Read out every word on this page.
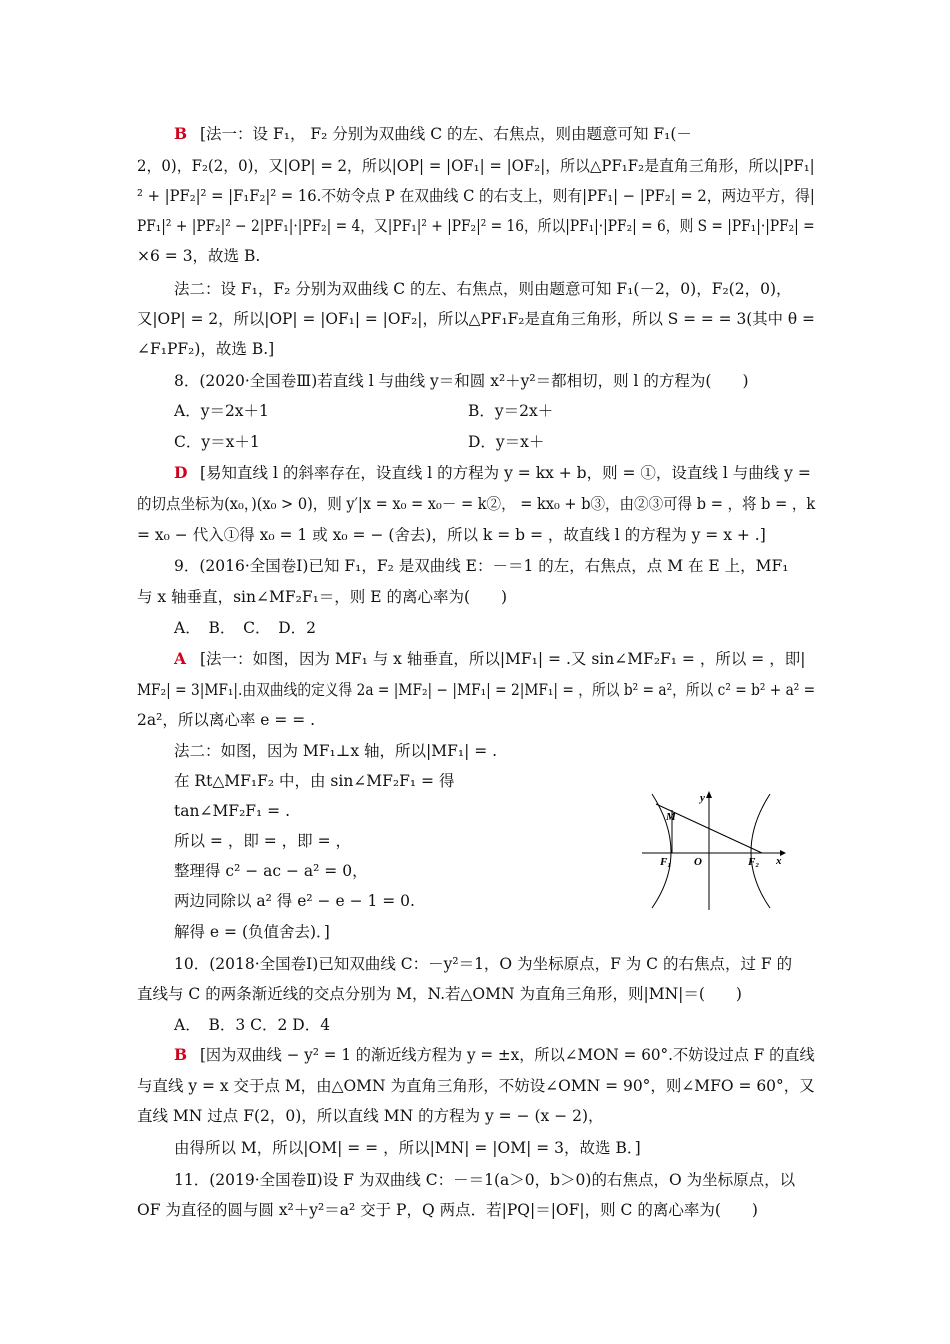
B [法一：设 F₁， F₂ 分别为双曲线 C 的左、右焦点，则由题意可知 F₁(－
2，0)，F₂(2，0)，又|OP| = 2，所以|OP| = |OF₁| = |OF₂|，所以△PF₁F₂是直角三角形，所以|PF₁|
² + |PF₂|² = |F₁F₂|² = 16.不妨令点 P 在双曲线 C 的右支上，则有|PF₁| − |PF₂| = 2，两边平方，得|
PF₁|² + |PF₂|² − 2|PF₁|·|PF₂| = 4，又|PF₁|² + |PF₂|² = 16，所以|PF₁|·|PF₂| = 6，则 S = |PF₁|·|PF₂| =
×6 = 3，故选 B.
法二：设 F₁，F₂ 分别为双曲线 C 的左、右焦点，则由题意可知 F₁(－2，0)，F₂(2，0)，
又|OP| = 2，所以|OP| = |OF₁| = |OF₂|，所以△PF₁F₂是直角三角形，所以 S = = = 3(其中 θ =
∠F₁PF₂)，故选 B.]
8．(2020·全国卷Ⅲ)若直线 l 与曲线 y＝和圆 x²＋y²＝都相切，则 l 的方程为(　　)
A．y＝2x＋1	B．y＝2x＋
C．y＝x＋1	D．y＝x＋
D [易知直线 l 的斜率存在，设直线 l 的方程为 y = kx + b，则 = ①，设直线 l 与曲线 y =
的切点坐标为(x₀，)(x₀ > 0)，则 y′|x = x₀ = x₀－ = k②， = kx₀ + b③，由②③可得 b = ，将 b = ，k
= x₀ − 代入①得 x₀ = 1 或 x₀ = − (舍去)，所以 k = b = ，故直线 l 的方程为 y = x + .]
9．(2016·全国卷Ⅰ)已知 F₁，F₂ 是双曲线 E：－＝1 的左，右焦点，点 M 在 E 上，MF₁
与 x 轴垂直，sin∠MF₂F₁＝，则 E 的离心率为(　　)
A．　B．　C．　D．2
A [法一：如图，因为 MF₁ 与 x 轴垂直，所以|MF₁| = .又 sin∠MF₂F₁ = ，所以 = ，即|
MF₂| = 3|MF₁|.由双曲线的定义得 2a = |MF₂| − |MF₁| = 2|MF₁| = ，所以 b² = a²，所以 c² = b² + a² =
2a²，所以离心率 e = = .
法二：如图，因为 MF₁⊥x 轴，所以|MF₁| = .
在 Rt△MF₁F₂ 中，由 sin∠MF₂F₁ = 得
tan∠MF₂F₁ = .
所以 = ，即 = ，即 = ，
整理得 c² − ac − a² = 0，
两边同除以 a² 得 e² − e − 1 = 0.
解得 e = (负值舍去)．]
y
x
M
O
F₁	F₂
10．(2018·全国卷Ⅰ)已知双曲线 C：－y²＝1，O 为坐标原点，F 为 C 的右焦点，过 F 的
直线与 C 的两条渐近线的交点分别为 M，N.若△OMN 为直角三角形，则|MN|＝(　　)
A．　B．3 C．2 D．4
B [因为双曲线 − y² = 1 的渐近线方程为 y = ±x，所以∠MON = 60°.不妨设过点 F 的直线
与直线 y = x 交于点 M，由△OMN 为直角三角形，不妨设∠OMN = 90°，则∠MFO = 60°，又
直线 MN 过点 F(2，0)，所以直线 MN 的方程为 y = − (x − 2)，
由得所以 M，所以|OM| = = ，所以|MN| = |OM| = 3，故选 B．]
11．(2019·全国卷Ⅱ)设 F 为双曲线 C：－＝1(a＞0，b＞0)的右焦点，O 为坐标原点，以
OF 为直径的圆与圆 x²＋y²＝a² 交于 P，Q 两点．若|PQ|＝|OF|，则 C 的离心率为(　　)
